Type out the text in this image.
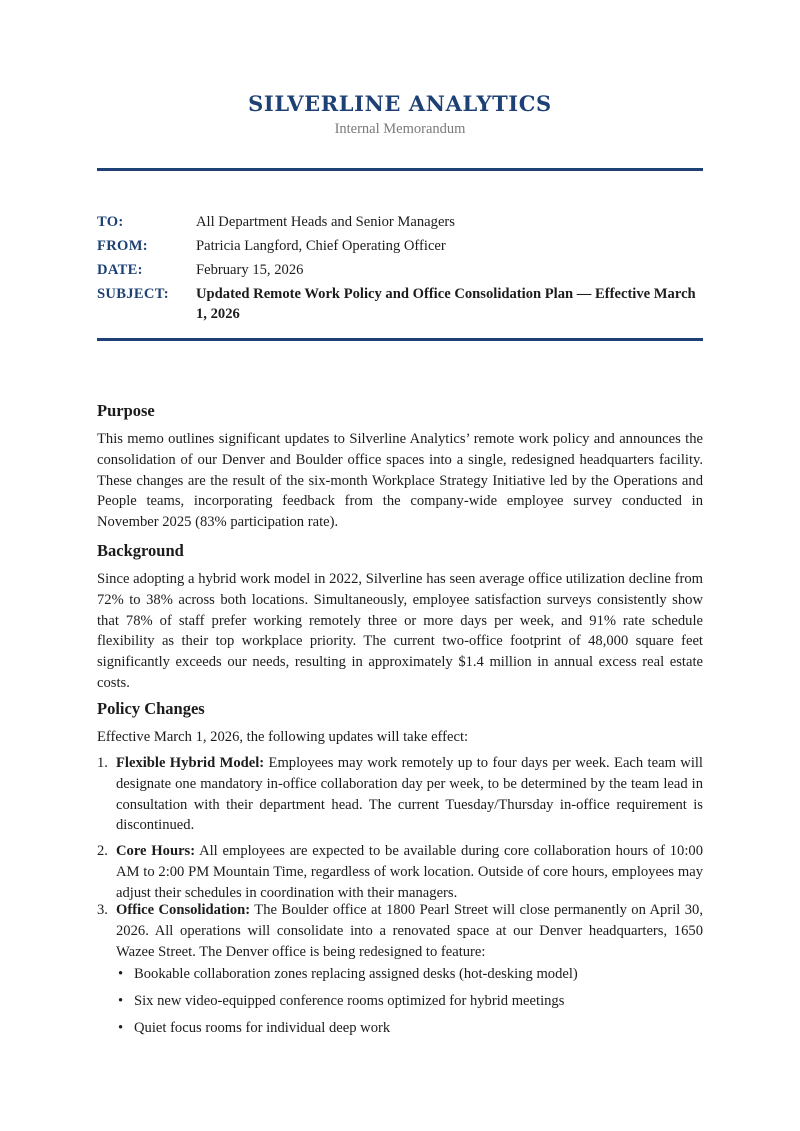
SILVERLINE ANALYTICS
Internal Memorandum
TO:	All Department Heads and Senior Managers
FROM:	Patricia Langford, Chief Operating Officer
DATE:	February 15, 2026
SUBJECT: Updated Remote Work Policy and Office Consolidation Plan — Effective March 1, 2026
Purpose
This memo outlines significant updates to Silverline Analytics’ remote work policy and announces the consolidation of our Denver and Boulder office spaces into a single, redesigned headquarters facility. These changes are the result of the six-month Workplace Strategy Initiative led by the Operations and People teams, incorporating feedback from the company-wide employee survey conducted in November 2025 (83% participation rate).
Background
Since adopting a hybrid work model in 2022, Silverline has seen average office utilization decline from 72% to 38% across both locations. Simultaneously, employee satisfaction surveys consistently show that 78% of staff prefer working remotely three or more days per week, and 91% rate schedule flexibility as their top workplace priority. The current two-office footprint of 48,000 square feet significantly exceeds our needs, resulting in approximately $1.4 million in annual excess real estate costs.
Policy Changes
Effective March 1, 2026, the following updates will take effect:
1. Flexible Hybrid Model: Employees may work remotely up to four days per week. Each team will designate one mandatory in-office collaboration day per week, to be determined by the team lead in consultation with their department head. The current Tuesday/Thursday in-office requirement is discontinued.
2. Core Hours: All employees are expected to be available during core collaboration hours of 10:00 AM to 2:00 PM Mountain Time, regardless of work location. Outside of core hours, employees may adjust their schedules in coordination with their managers.
3. Office Consolidation: The Boulder office at 1800 Pearl Street will close permanently on April 30, 2026. All operations will consolidate into a renovated space at our Denver headquarters, 1650 Wazee Street. The Denver office is being redesigned to feature:
• Bookable collaboration zones replacing assigned desks (hot-desking model)
• Six new video-equipped conference rooms optimized for hybrid meetings
• Quiet focus rooms for individual deep work
